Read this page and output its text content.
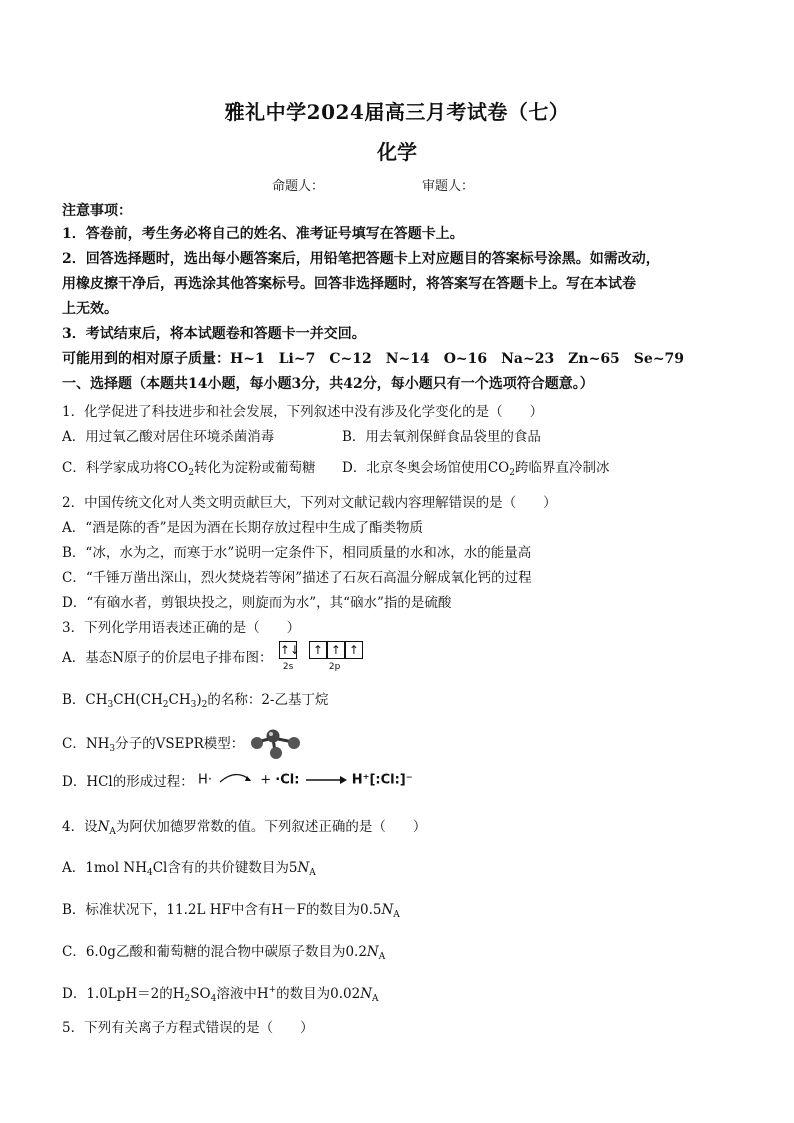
雅礼中学2024届高三月考试卷（七）
化学
命题人：	审题人：
注意事项：
1．答卷前，考生务必将自己的姓名、准考证号填写在答题卡上。
2．回答选择题时，选出每小题答案后，用铅笔把答题卡上对应题目的答案标号涂黑。如需改动，
用橡皮擦干净后，再选涂其他答案标号。回答非选择题时，将答案写在答题卡上。写在本试卷
上无效。
3．考试结束后，将本试题卷和答题卡一并交回。
可能用到的相对原子质量：H~1　Li~7　C~12　N~14　O~16　Na~23　Zn~65　Se~79
一、选择题（本题共14小题，每小题3分，共42分，每小题只有一个选项符合题意。）
1．化学促进了科技进步和社会发展，下列叙述中没有涉及化学变化的是（　　）
A．用过氧乙酸对居住环境杀菌消毒	B．用去氧剂保鲜食品袋里的食品
C．科学家成功将$CO_2$转化为淀粉或葡萄糖 D．北京冬奥会场馆使用$CO_2$跨临界直冷制冰
2．中国传统文化对人类文明贡献巨大，下列对文献记载内容理解错误的是（　　）
A．“酒是陈的香”是因为酒在长期存放过程中生成了酯类物质
B．“冰，水为之，而寒于水”说明一定条件下，相同质量的水和冰，水的能量高
C．“千锤万凿出深山，烈火焚烧若等闲”描述了石灰石高温分解成氧化钙的过程
D．“有硇水者，剪银块投之，则旋而为水”，其“硇水”指的是硫酸
3．下列化学用语表述正确的是（　　）
A．基态N原子的价层电子排布图： ↑↓	↑ ↑ ↑
2s	2p
B．$CH_3CH(CH_2CH_3)_2$的名称：2-乙基丁烷
C．$NH_3$分子的VSEPR模型：
D．HCl的形成过程： H·	+ ·Cl: → H⁺[:Cl:]⁻
4．设$N_A$为阿伏加德罗常数的值。下列叙述正确的是（　　）
A．1mol $NH_4Cl$含有的共价键数目为$5N_A$
B．标准状况下，11.2L HF中含有H－F的数目为$0.5N_A$
C．6.0g乙酸和葡萄糖的混合物中碳原子数目为$0.2N_A$
D．1.0LpH＝2的$H_2SO_4$溶液中H+的数目为$0.02N_A$
5．下列有关离子方程式错误的是（　　）
